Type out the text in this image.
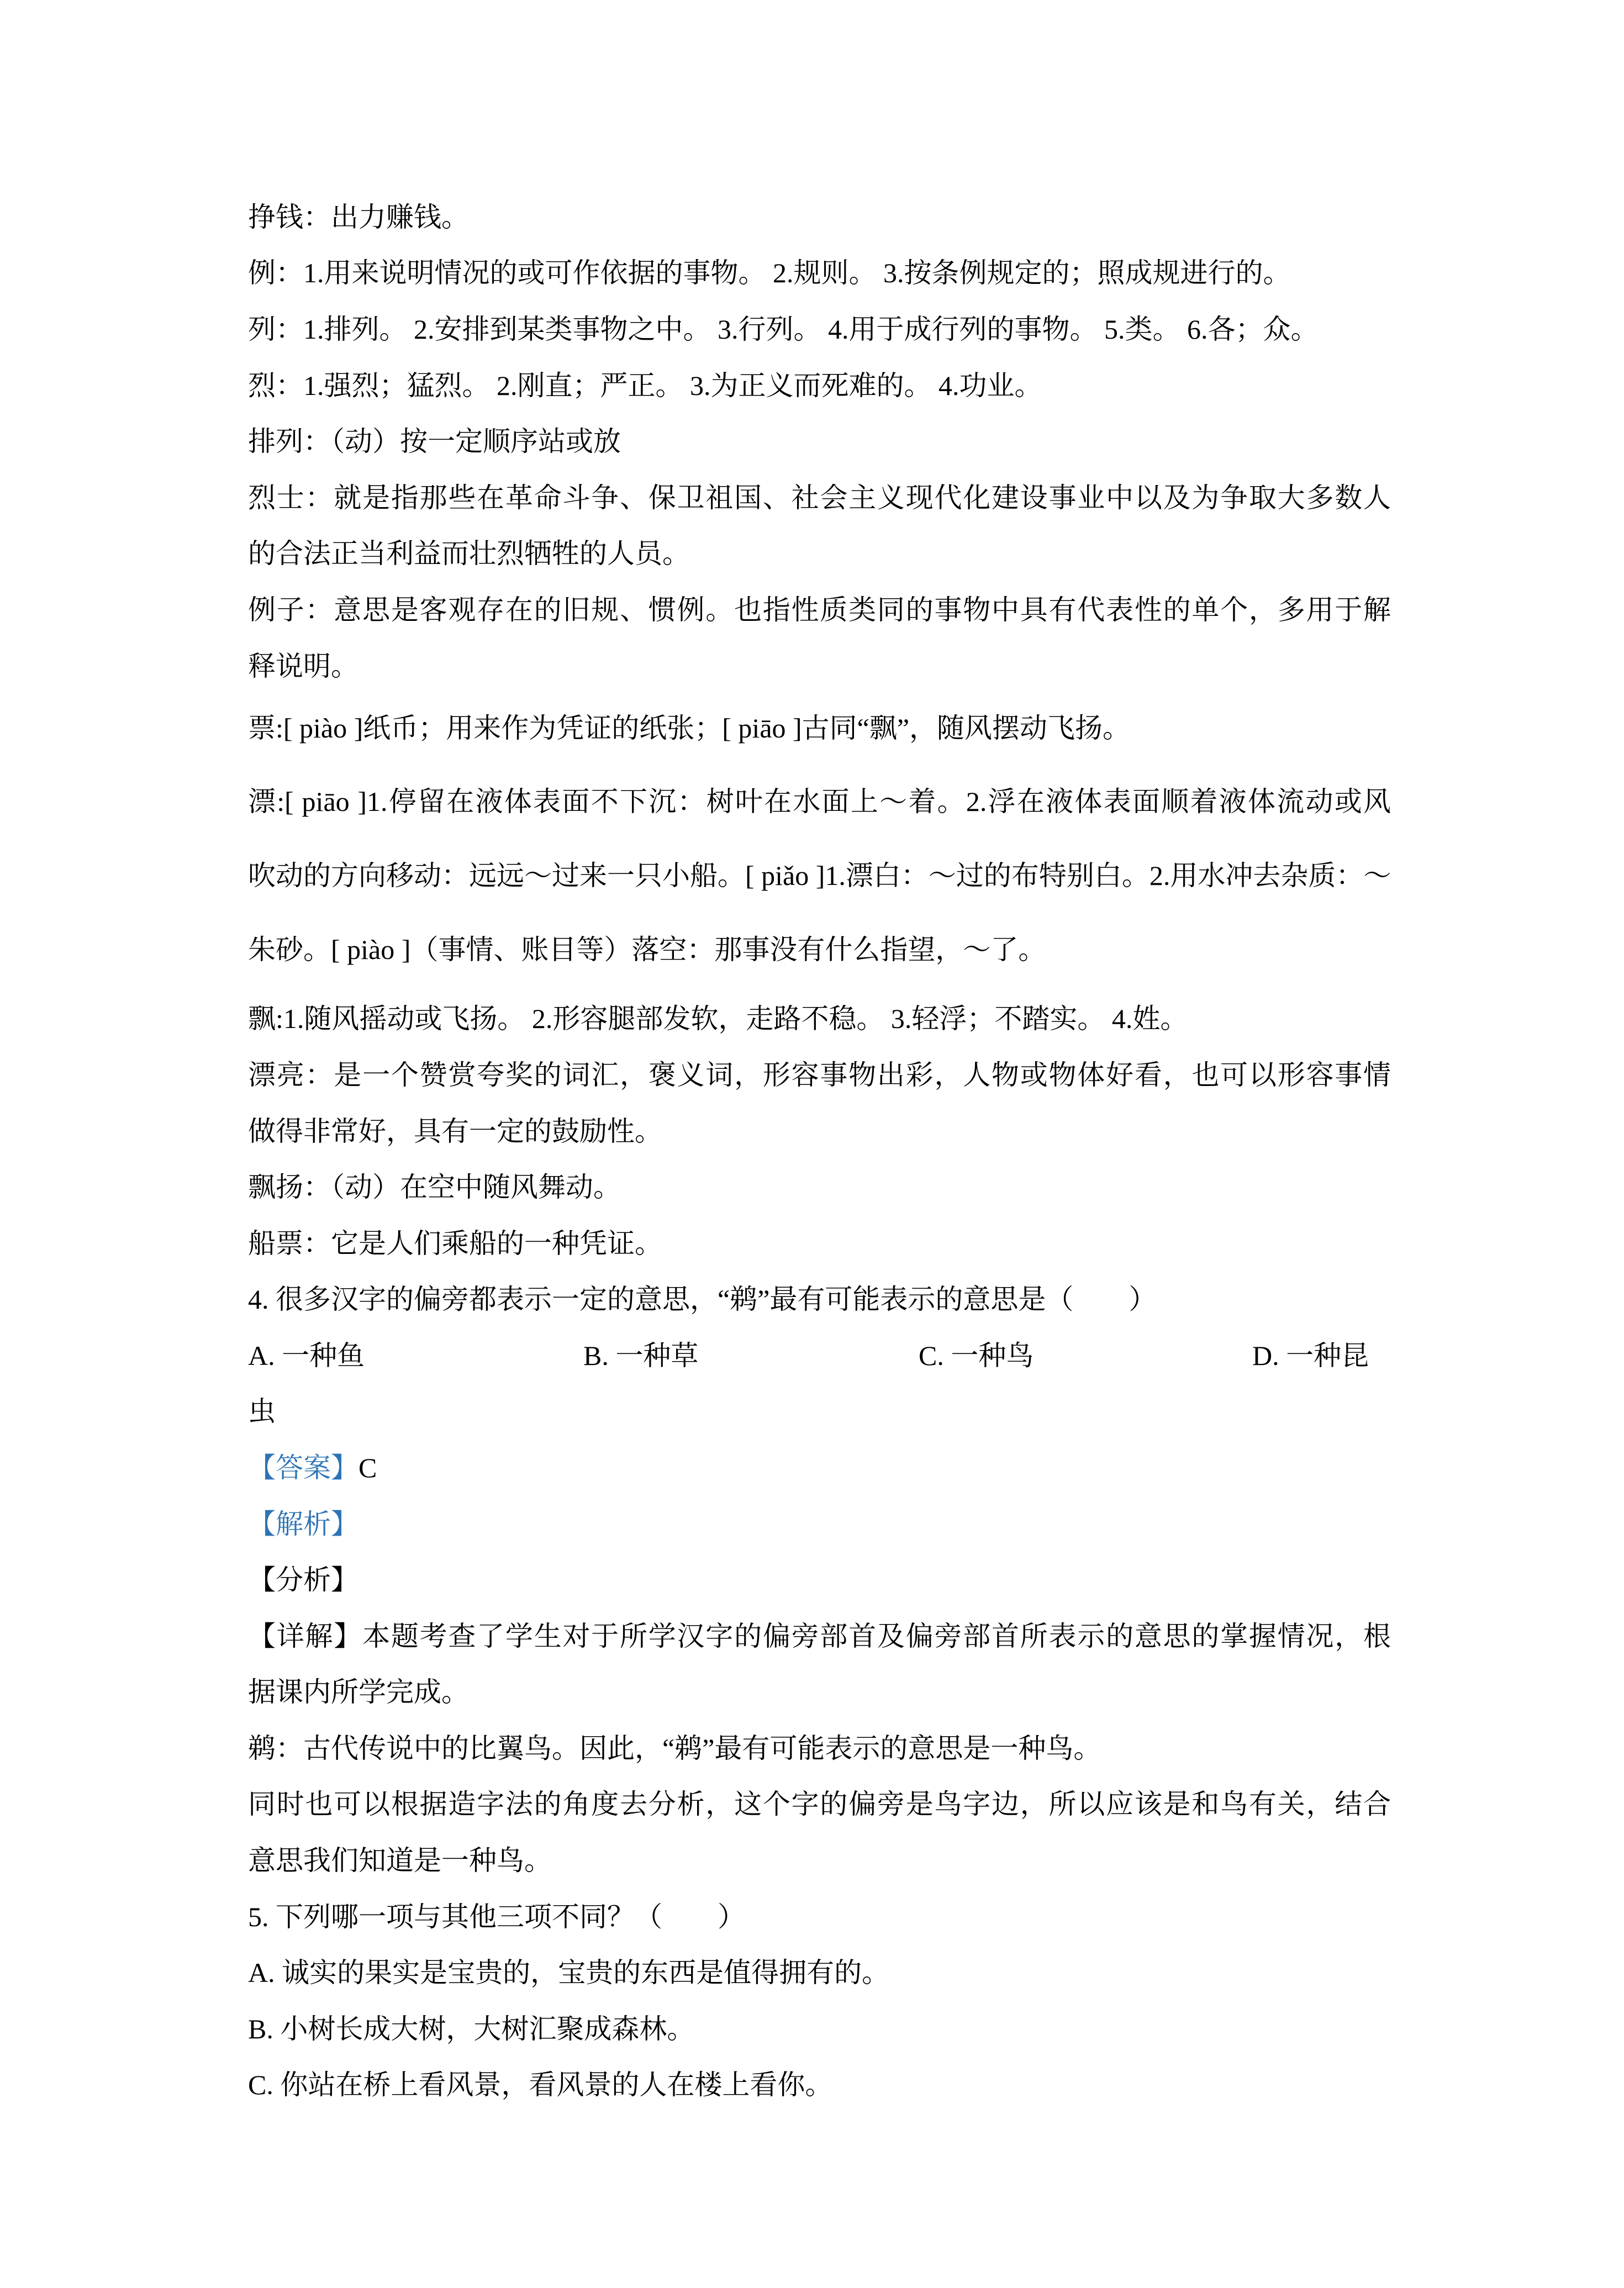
挣钱：出力赚钱。
例：1.用来说明情况的或可作依据的事物。 2.规则。 3.按条例规定的；照成规进行的。
列：1.排列。 2.安排到某类事物之中。 3.行列。 4.用于成行列的事物。 5.类。 6.各；众。
烈：1.强烈；猛烈。 2.刚直；严正。 3.为正义而死难的。 4.功业。
排列：（动）按一定顺序站或放
烈士：就是指那些在革命斗争、保卫祖国、社会主义现代化建设事业中以及为争取大多数人
的合法正当利益而壮烈牺牲的人员。
例子：意思是客观存在的旧规、惯例。也指性质类同的事物中具有代表性的单个，多用于解
释说明。
票:[ piào ]纸币；用来作为凭证的纸张；[ piāo ]古同“飘”，随风摆动飞扬。
漂:[ piāo ]1.停留在液体表面不下沉：树叶在水面上～着。2.浮在液体表面顺着液体流动或风
吹动的方向移动：远远～过来一只小船。[ piǎo ]1.漂白：～过的布特别白。2.用水冲去杂质：～
朱砂。[ piào ]（事情、账目等）落空：那事没有什么指望，～了。
飘:1.随风摇动或飞扬。 2.形容腿部发软，走路不稳。 3.轻浮；不踏实。 4.姓。
漂亮：是一个赞赏夸奖的词汇，褒义词，形容事物出彩，人物或物体好看，也可以形容事情
做得非常好，具有一定的鼓励性。
飘扬：（动）在空中随风舞动。
船票：它是人们乘船的一种凭证。
4. 很多汉字的偏旁都表示一定的意思，“鹈”最有可能表示的意思是（　　）
A. 一种鱼	B. 一种草	C. 一种鸟	D. 一种昆
虫
【答案】C
【解析】
【分析】
【详解】本题考查了学生对于所学汉字的偏旁部首及偏旁部首所表示的意思的掌握情况，根
据课内所学完成。
鹈：古代传说中的比翼鸟。因此，“鹈”最有可能表示的意思是一种鸟。
同时也可以根据造字法的角度去分析，这个字的偏旁是鸟字边，所以应该是和鸟有关，结合
意思我们知道是一种鸟。
5. 下列哪一项与其他三项不同？（　　）
A. 诚实的果实是宝贵的，宝贵的东西是值得拥有的。
B. 小树长成大树，大树汇聚成森林。
C. 你站在桥上看风景，看风景的人在楼上看你。
